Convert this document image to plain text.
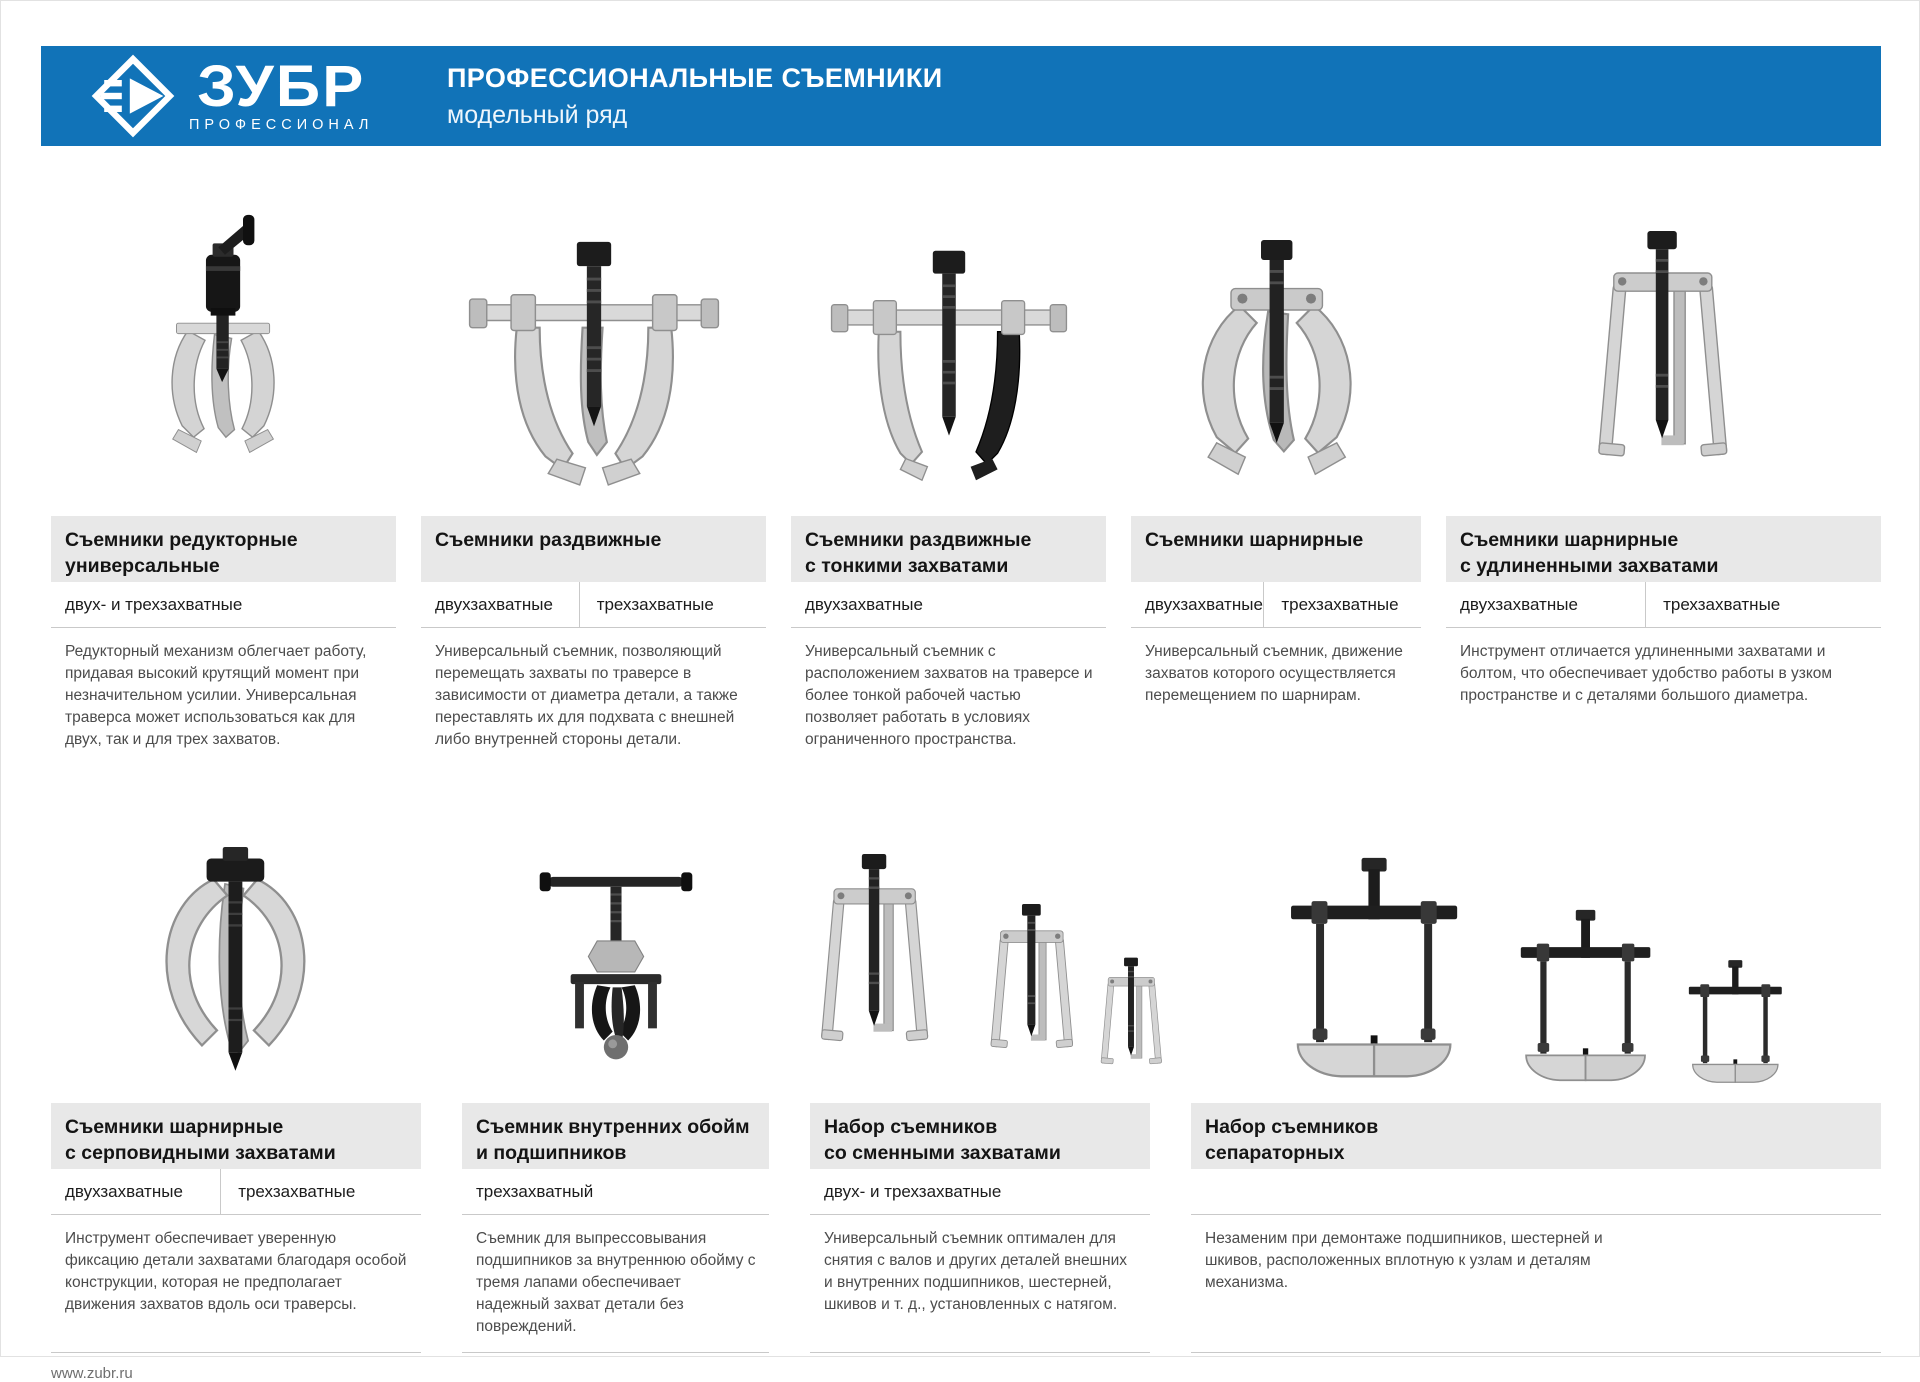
ЗУБР
ПРОФЕССИОНАЛ
ПРОФЕССИОНАЛЬНЫЕ СЪЕМНИКИ
модельный ряд
Съемники редукторные
универсальные
двух- и трехзахватные

Редукторный механизм облегчает работу, придавая высокий крутящий момент при незначительном усилии. Универсальная траверса может использоваться как для двух, так и для трех захватов.

Съемники раздвижные

двухзахватные	трехзахватные

Универсальный съемник, позволяющий перемещать захваты по траверсе в зависимости от диаметра детали, а также переставлять их для подхвата с внешней либо внутренней стороны детали.

Съемники раздвижные
с тонкими захватами
двухзахватные

Универсальный съемник с расположением захватов на траверсе и более тонкой рабочей частью позволяет работать в условиях ограниченного пространства.

Съемники шарнирные

двухзахватные	трехзахватные

Универсальный съемник, движение захватов которого осуществляется перемещением по шарнирам.

Съемники шарнирные
с удлиненными захватами
двухзахватные	трехзахватные

Инструмент отличается удлиненными захватами и болтом, что обеспечивает удобство работы в узком пространстве и с деталями большого диаметра.

Съемники шарнирные
с серповидными захватами
двухзахватные	трехзахватные

Инструмент обеспечивает уверенную фиксацию детали захватами благодаря особой конструкции, которая не предполагает движения захватов вдоль оси траверсы.

Съемник внутренних обойм
и подшипников
трехзахватный

Съемник для выпрессовывания подшипников за внутреннюю обойму с тремя лапами обеспечивает надежный захват детали без повреждений.

Набор съемников
со сменными захватами
двух- и трехзахватные

Универсальный съемник оптимален для снятия с валов и других деталей внешних и внутренних подшипников, шестерней, шкивов и т. д., установленных с натягом.

Набор съемников
сепараторных

Незаменим при демонтаже подшипников, шестерней и шкивов, расположенных вплотную к узлам и деталям механизма.

www.zubr.ru
